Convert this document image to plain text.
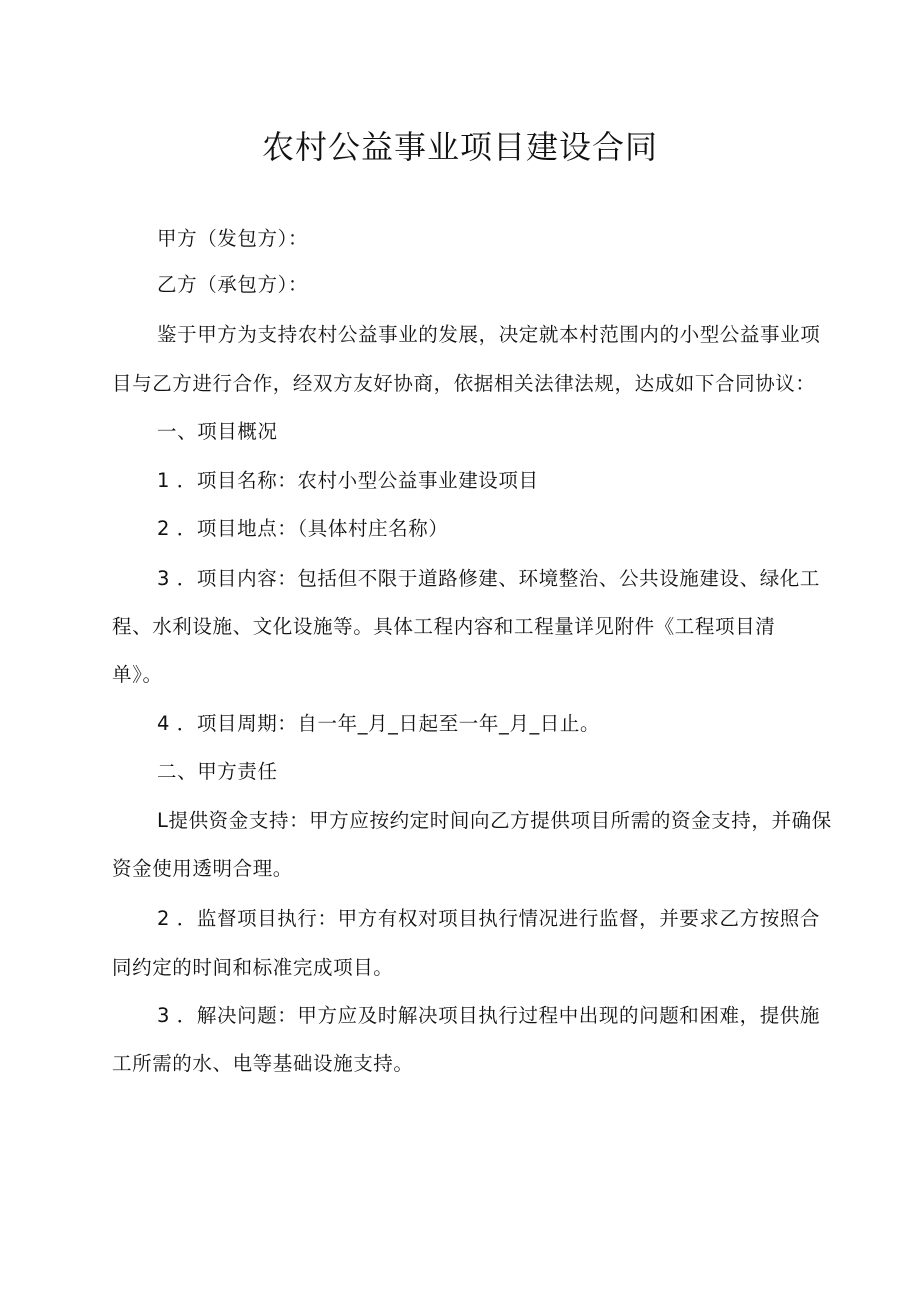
农村公益事业项目建设合同
甲方（发包方）：
乙方（承包方）：
鉴于甲方为支持农村公益事业的发展，决定就本村范围内的小型公益事业项
目与乙方进行合作，经双方友好协商，依据相关法律法规，达成如下合同协议：
一、项目概况
1 ．项目名称：农村小型公益事业建设项目
2 ．项目地点：（具体村庄名称）
3 ．项目内容：包括但不限于道路修建、环境整治、公共设施建设、绿化工
程、水利设施、文化设施等。具体工程内容和工程量详见附件《工程项目清
单》。
4 ．项目周期：自一年_月_日起至一年_月_日止。
二、甲方责任
L提供资金支持：甲方应按约定时间向乙方提供项目所需的资金支持，并确保
资金使用透明合理。
2 ．监督项目执行：甲方有权对项目执行情况进行监督，并要求乙方按照合
同约定的时间和标准完成项目。
3 ．解决问题：甲方应及时解决项目执行过程中出现的问题和困难，提供施
工所需的水、电等基础设施支持。
